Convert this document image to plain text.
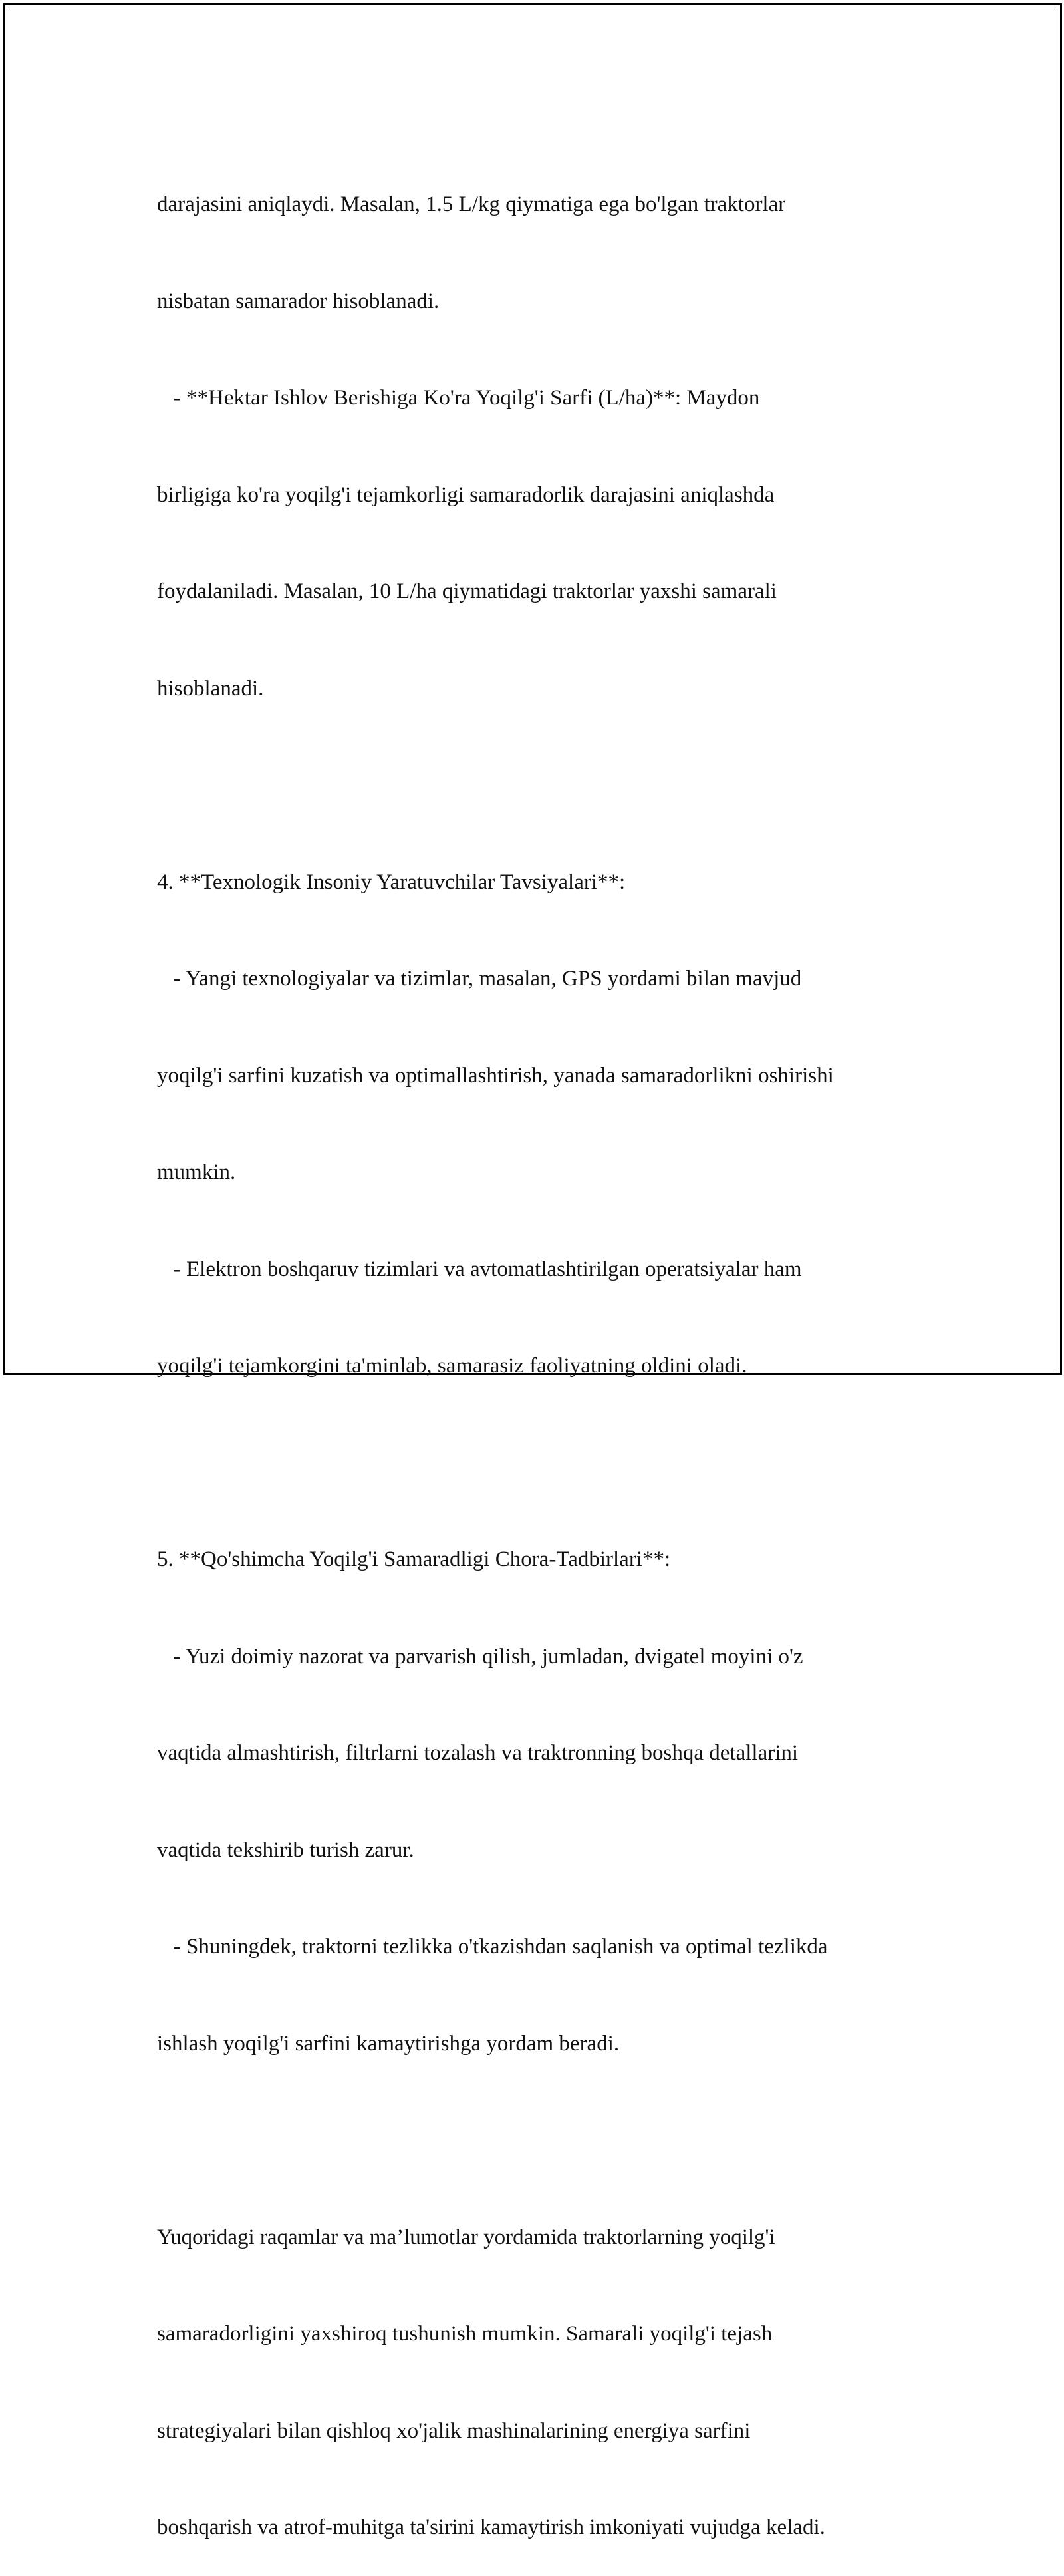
darajasini aniqlaydi. Masalan, 1.5 L/kg qiymatiga ega bo'lgan traktorlar

nisbatan samarador hisoblanadi.

- **Hektar Ishlov Berishiga Ko'ra Yoqilg'i Sarfi (L/ha)**: Maydon

birligiga ko'ra yoqilg'i tejamkorligi samaradorlik darajasini aniqlashda

foydalaniladi. Masalan, 10 L/ha qiymatidagi traktorlar yaxshi samarali

hisoblanadi.

4. **Texnologik Insoniy Yaratuvchilar Tavsiyalari**:

- Yangi texnologiyalar va tizimlar, masalan, GPS yordami bilan mavjud

yoqilg'i sarfini kuzatish va optimallashtirish, yanada samaradorlikni oshirishi

mumkin.

- Elektron boshqaruv tizimlari va avtomatlashtirilgan operatsiyalar ham

yoqilg'i tejamkorgini ta'minlab, samarasiz faoliyatning oldini oladi.

5. **Qo'shimcha Yoqilg'i Samaradligi Chora-Tadbirlari**:

- Yuzi doimiy nazorat va parvarish qilish, jumladan, dvigatel moyini o'z

vaqtida almashtirish, filtrlarni tozalash va traktronning boshqa detallarini

vaqtida tekshirib turish zarur.

- Shuningdek, traktorni tezlikka o'tkazishdan saqlanish va optimal tezlikda

ishlash yoqilg'i sarfini kamaytirishga yordam beradi.

Yuqoridagi raqamlar va ma’lumotlar yordamida traktorlarning yoqilg'i

samaradorligini yaxshiroq tushunish mumkin. Samarali yoqilg'i tejash

strategiyalari bilan qishloq xo'jalik mashinalarining energiya sarfini

boshqarish va atrof-muhitga ta'sirini kamaytirish imkoniyati vujudga keladi.
